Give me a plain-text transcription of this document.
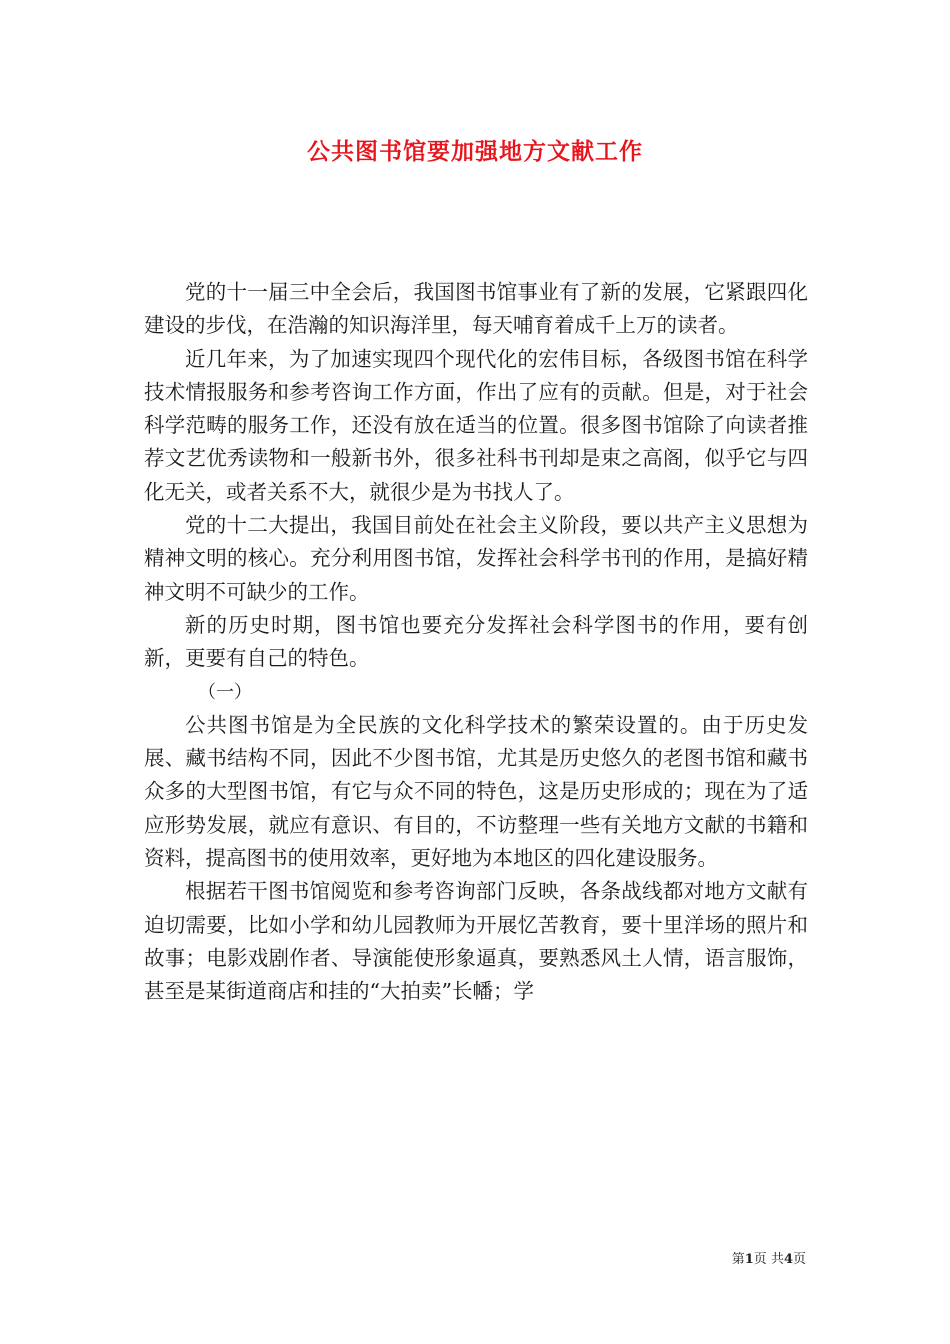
公共图书馆要加强地方文献工作

党的十一届三中全会后，我国图书馆事业有了新的发展，它紧跟四化建设的步伐，在浩瀚的知识海洋里，每天哺育着成千上万的读者。

近几年来，为了加速实现四个现代化的宏伟目标，各级图书馆在科学技术情报服务和参考咨询工作方面，作出了应有的贡献。但是，对于社会科学范畴的服务工作，还没有放在适当的位置。很多图书馆除了向读者推荐文艺优秀读物和一般新书外，很多社科书刊却是束之高阁，似乎它与四化无关，或者关系不大，就很少是为书找人了。

党的十二大提出，我国目前处在社会主义阶段，要以共产主义思想为精神文明的核心。充分利用图书馆，发挥社会科学书刊的作用，是搞好精神文明不可缺少的工作。

新的历史时期，图书馆也要充分发挥社会科学图书的作用，要有创新，更要有自己的特色。

（一）

公共图书馆是为全民族的文化科学技术的繁荣设置的。由于历史发展、藏书结构不同，因此不少图书馆，尤其是历史悠久的老图书馆和藏书众多的大型图书馆，有它与众不同的特色，这是历史形成的；现在为了适应形势发展，就应有意识、有目的，不访整理一些有关地方文献的书籍和资料，提高图书的使用效率，更好地为本地区的四化建设服务。

根据若干图书馆阅览和参考咨询部门反映，各条战线都对地方文献有迫切需要，比如小学和幼儿园教师为开展忆苦教育，要十里洋场的照片和故事；电影戏剧作者、导演能使形象逼真，要熟悉风土人情，语言服饰，甚至是某街道商店和挂的“大拍卖”长幡；学

第1页 共4页
